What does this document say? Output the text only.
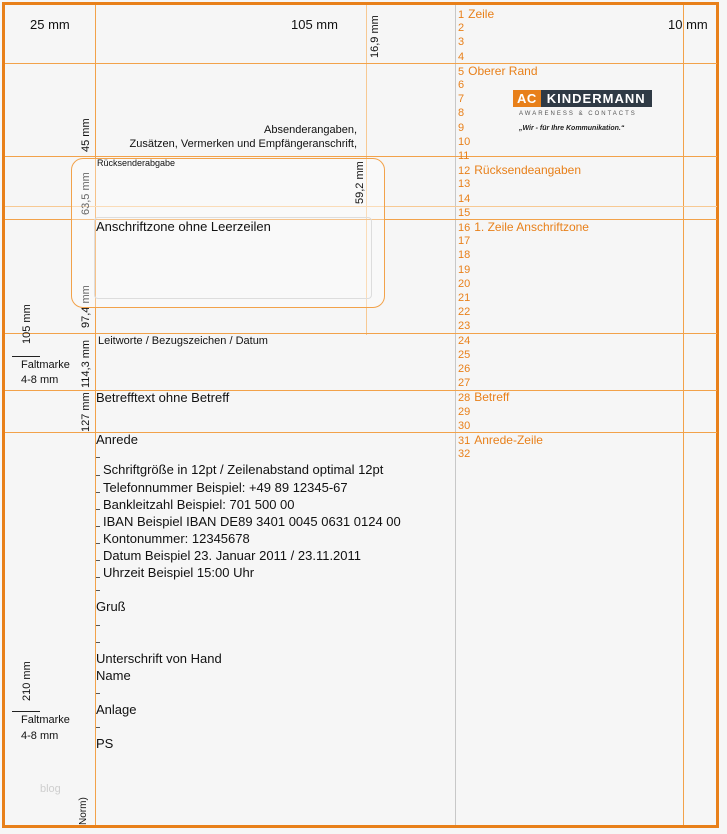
25 mm	105 mm	16,9 mm	10 mm
45 mm
63,5 mm
97,4 mm
105 mm
114,3 mm
127 mm
210 mm
Norm)
Faltmarke
4-8 mm
Faltmarke
4-8 mm
Absenderangaben,
Zusätzen, Vermerken und Empfängeranschrift,
Rücksenderabgabe
Anschriftzone ohne Leerzeilen
59,2 mm
Leitworte / Bezugszeichen / Datum
Betrefftext ohne Betreff
Anrede
Schriftgröße in 12pt / Zeilenabstand optimal 12pt
Telefonnummer Beispiel: +49 89 12345-67
Bankleitzahl Beispiel: 701 500 00
IBAN Beispiel IBAN DE89 3401 0045 0631 0124 00
Kontonummer: 12345678
Datum Beispiel 23. Januar 2011 / 23.11.2011
Uhrzeit Beispiel 15:00 Uhr
Gruß
Unterschrift von Hand
Name
Anlage
PS
blog
AC KINDERMANN
AWARENESS & CONTACTS
„Wir - für Ihre Kommunikation.“
1 Zeile
2
3
4
5 Oberer Rand
6
7
8
9
10
11
12 Rücksendeangaben
13
14
15
16 1. Zeile Anschriftzone
17
18
19
20
21
22
23
24
25
26
27
28 Betreff
29
30
31 Anrede-Zeile
32
